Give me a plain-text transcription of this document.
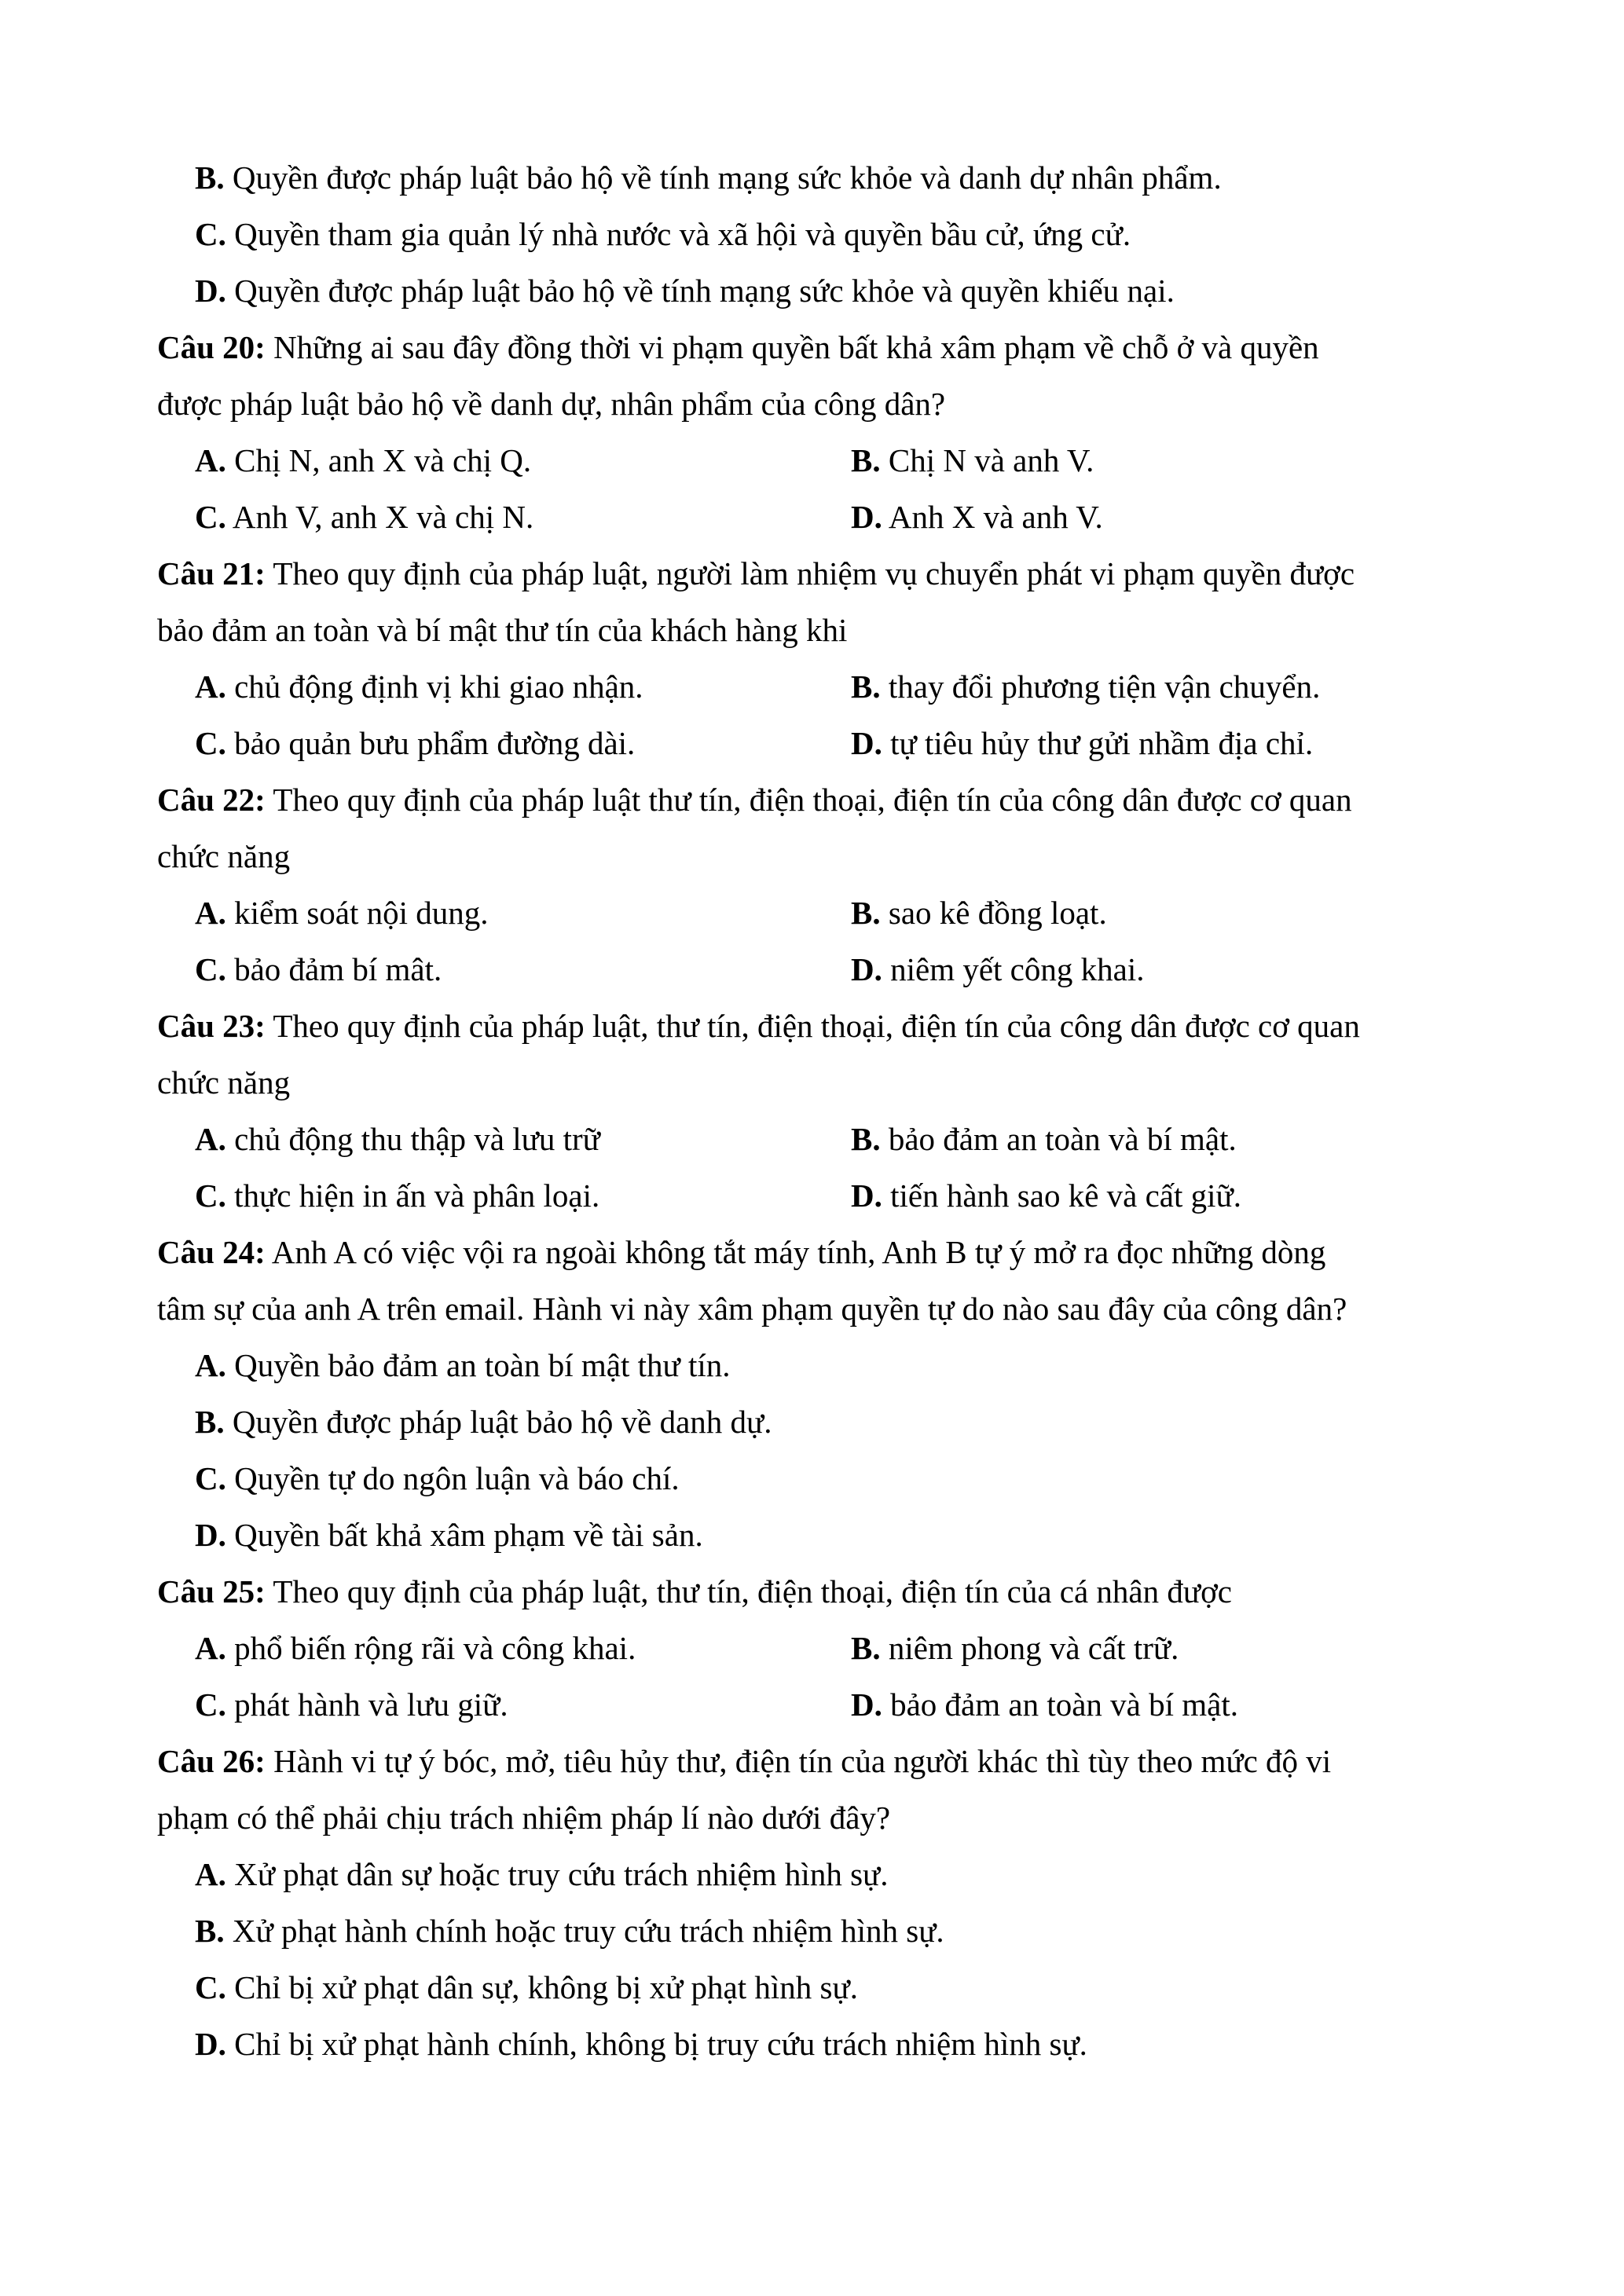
B. Quyền được pháp luật bảo hộ về tính mạng sức khỏe và danh dự nhân phẩm.
C. Quyền tham gia quản lý nhà nước và xã hội và quyền bầu cử, ứng cử.
D. Quyền được pháp luật bảo hộ về tính mạng sức khỏe và quyền khiếu nại.
Câu 20: Những ai sau đây đồng thời vi phạm quyền bất khả xâm phạm về chỗ ở và quyền
được pháp luật bảo hộ về danh dự, nhân phẩm của công dân?
A. Chị N, anh X và chị Q.	B. Chị N và anh V.
C. Anh V, anh X và chị N.	D. Anh X và anh V.
Câu 21: Theo quy định của pháp luật, người làm nhiệm vụ chuyển phát vi phạm quyền được
bảo đảm an toàn và bí mật thư tín của khách hàng khi
A. chủ động định vị khi giao nhận.	B. thay đổi phương tiện vận chuyển.
C. bảo quản bưu phẩm đường dài.	D. tự tiêu hủy thư gửi nhầm địa chỉ.
Câu 22: Theo quy định của pháp luật thư tín, điện thoại, điện tín của công dân được cơ quan
chức năng
A. kiểm soát nội dung.	B. sao kê đồng loạt.
C. bảo đảm bí mât.	D. niêm yết công khai.
Câu 23: Theo quy định của pháp luật, thư tín, điện thoại, điện tín của công dân được cơ quan
chức năng
A. chủ động thu thập và lưu trữ	B. bảo đảm an toàn và bí mật.
C. thực hiện in ấn và phân loại.	D. tiến hành sao kê và cất giữ.
Câu 24: Anh A có việc vội ra ngoài không tắt máy tính, Anh B tự ý mở ra đọc những dòng
tâm sự của anh A trên email. Hành vi này xâm phạm quyền tự do nào sau đây của công dân?
A. Quyền bảo đảm an toàn bí mật thư tín.
B. Quyền được pháp luật bảo hộ về danh dự.
C. Quyền tự do ngôn luận và báo chí.
D. Quyền bất khả xâm phạm về tài sản.
Câu 25: Theo quy định của pháp luật, thư tín, điện thoại, điện tín của cá nhân được
A. phổ biến rộng rãi và công khai.	B. niêm phong và cất trữ.
C. phát hành và lưu giữ.	D. bảo đảm an toàn và bí mật.
Câu 26: Hành vi tự ý bóc, mở, tiêu hủy thư, điện tín của người khác thì tùy theo mức độ vi
phạm có thể phải chịu trách nhiệm pháp lí nào dưới đây?
A. Xử phạt dân sự hoặc truy cứu trách nhiệm hình sự.
B. Xử phạt hành chính hoặc truy cứu trách nhiệm hình sự.
C. Chỉ bị xử phạt dân sự, không bị xử phạt hình sự.
D. Chỉ bị xử phạt hành chính, không bị truy cứu trách nhiệm hình sự.
